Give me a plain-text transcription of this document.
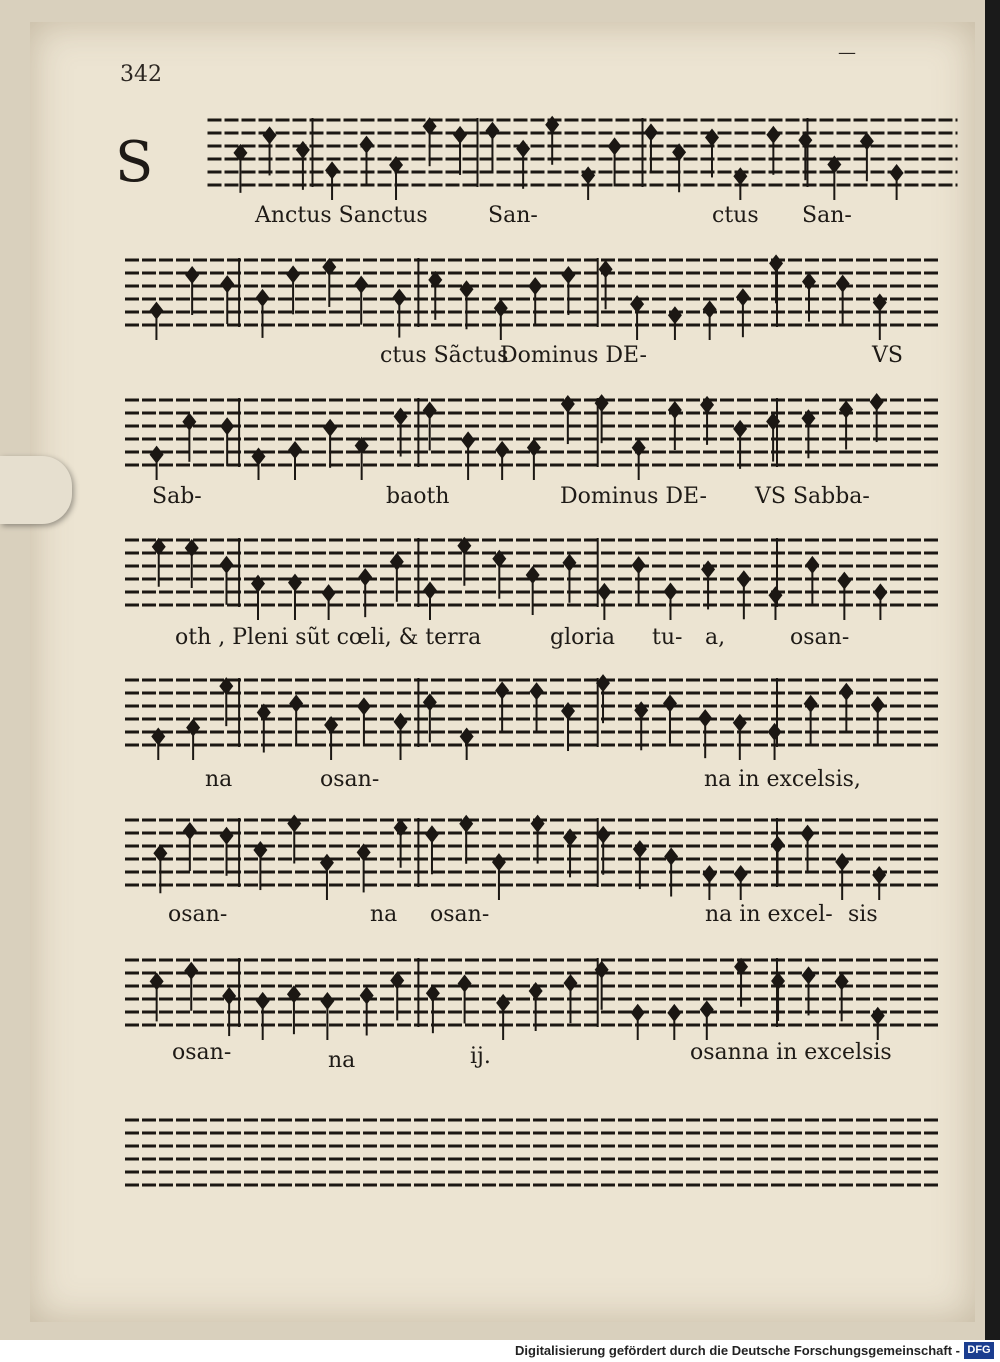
342
—
S
Anctus Sanctus	San-	ctus San-
ctus Sãctus
Dominus DE-	VS
Sab-	baoth	Dominus DE- VS Sabba-
oth , Pleni sũt cœli, & terra	gloria tu- a,	osan-
na	osan-	na in excelsis,
osan-	na osan-	na in excel- sis
osan-	na	ij.	osanna in excelsis
Digitalisierung gefördert durch die Deutsche Forschungsgemeinschaft - DFG
